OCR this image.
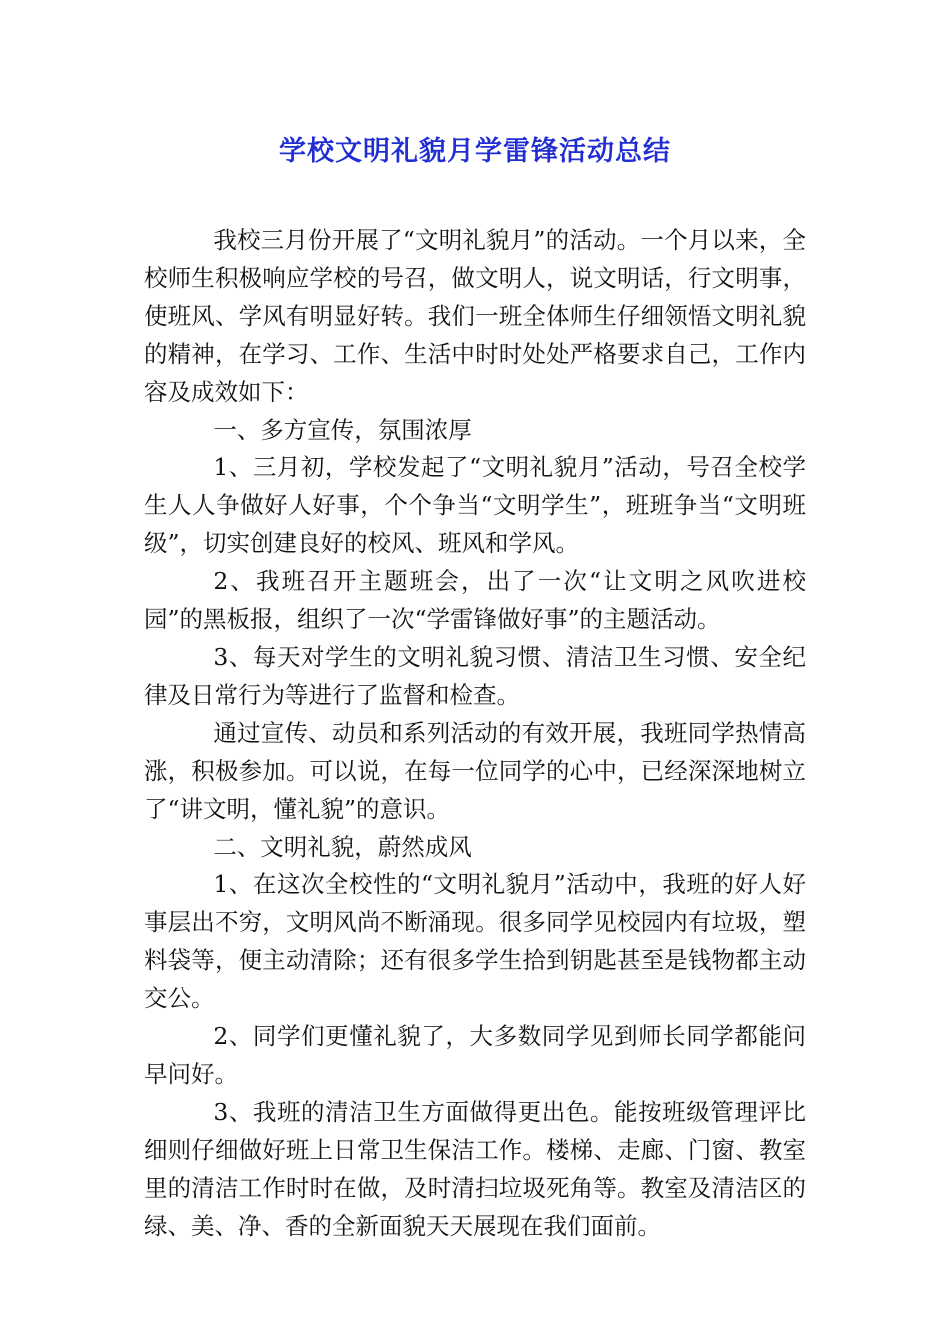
学校文明礼貌月学雷锋活动总结

我校三月份开展了“文明礼貌月”的活动。一个月以来，全校师生积极响应学校的号召，做文明人，说文明话，行文明事，使班风、学风有明显好转。我们一班全体师生仔细领悟文明礼貌的精神，在学习、工作、生活中时时处处严格要求自己，工作内容及成效如下：

一、多方宣传，氛围浓厚

1、三月初，学校发起了“文明礼貌月”活动，号召全校学生人人争做好人好事，个个争当“文明学生”，班班争当“文明班级”，切实创建良好的校风、班风和学风。

2、我班召开主题班会，出了一次“让文明之风吹进校园”的黑板报，组织了一次“学雷锋做好事”的主题活动。

3、每天对学生的文明礼貌习惯、清洁卫生习惯、安全纪律及日常行为等进行了监督和检查。

通过宣传、动员和系列活动的有效开展，我班同学热情高涨，积极参加。可以说，在每一位同学的心中，已经深深地树立了“讲文明，懂礼貌”的意识。

二、文明礼貌，蔚然成风

1、在这次全校性的“文明礼貌月”活动中，我班的好人好事层出不穷，文明风尚不断涌现。很多同学见校园内有垃圾，塑料袋等，便主动清除；还有很多学生拾到钥匙甚至是钱物都主动交公。

2、同学们更懂礼貌了，大多数同学见到师长同学都能问早问好。

3、我班的清洁卫生方面做得更出色。能按班级管理评比细则仔细做好班上日常卫生保洁工作。楼梯、走廊、门窗、教室里的清洁工作时时在做，及时清扫垃圾死角等。教室及清洁区的绿、美、净、香的全新面貌天天展现在我们面前。
